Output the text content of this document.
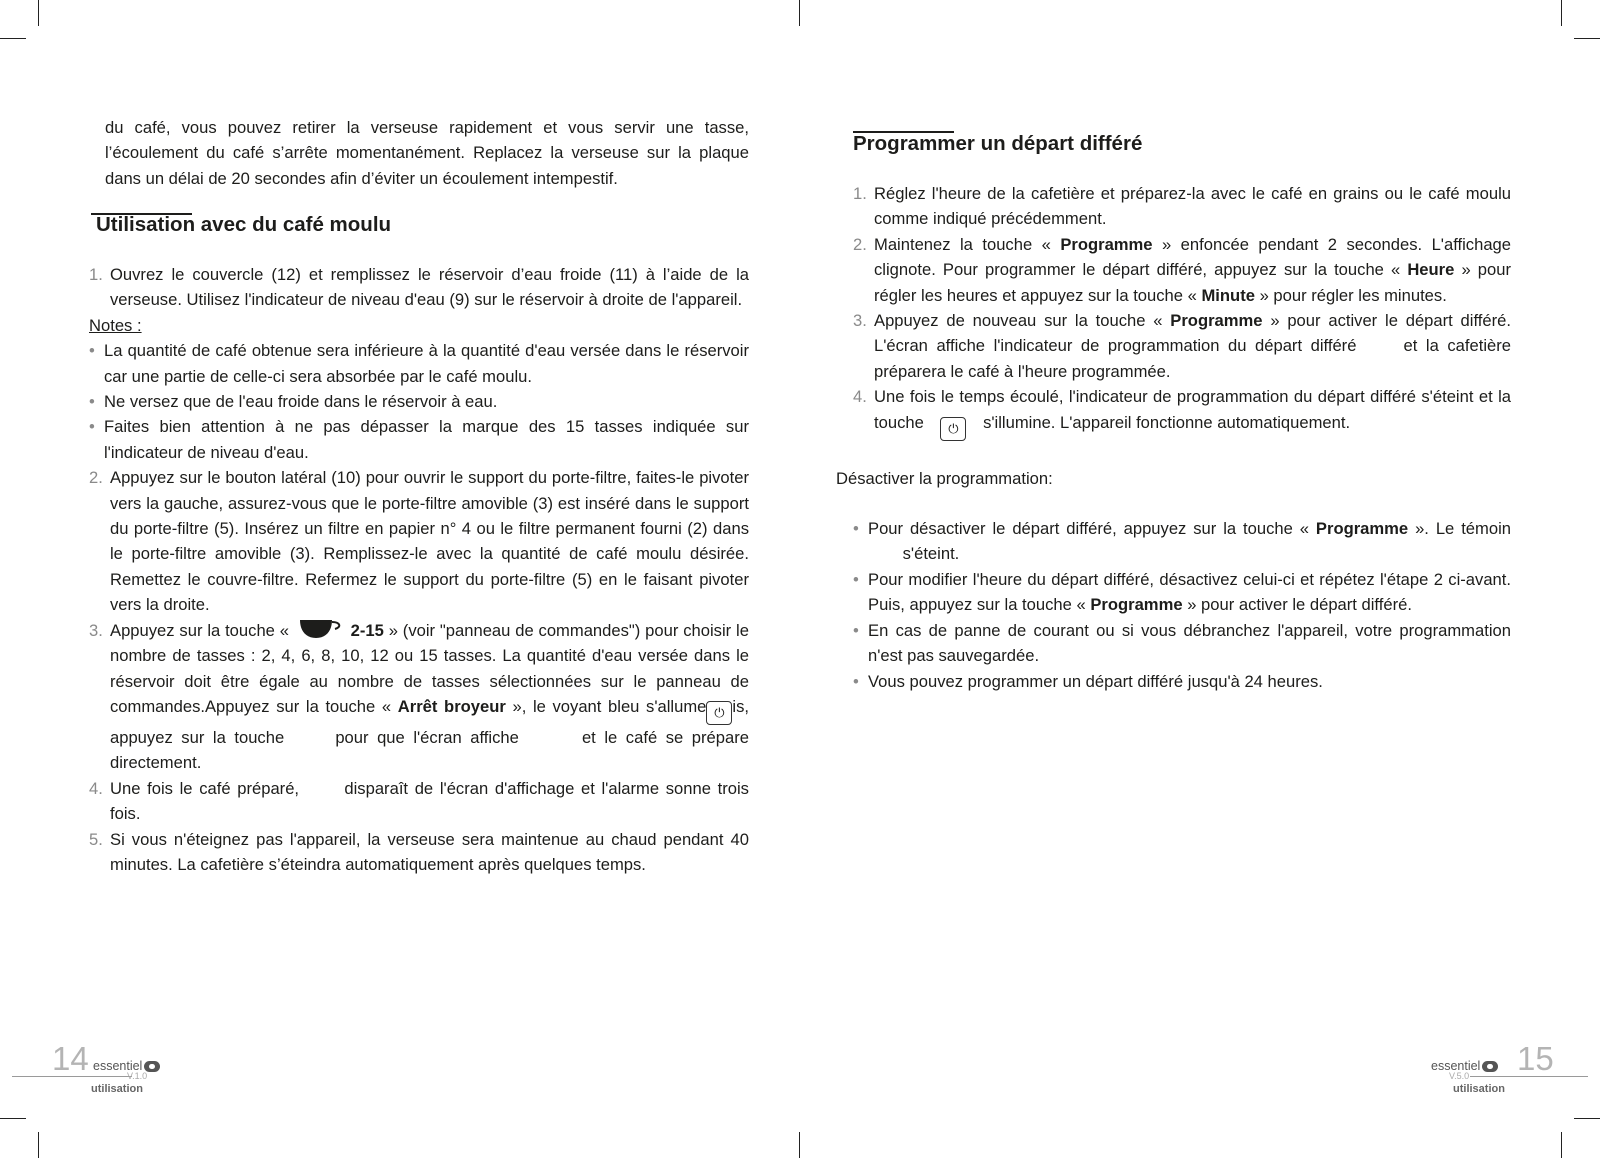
du café, vous pouvez retirer la verseuse rapidement et vous servir une tasse, l’écoulement du café s’arrête momentanément. Replacez la verseuse sur la plaque dans un délai de 20 secondes afin d’éviter un écoulement intempestif.

Utilisation avec du café moulu

1. Ouvrez le couvercle (12) et remplissez le réservoir d’eau froide (11) à l’aide de la verseuse. Utilisez l'indicateur de niveau d'eau (9) sur le réservoir à droite de l'appareil.

Notes :

• La quantité de café obtenue sera inférieure à la quantité d'eau versée dans le réservoir car une partie de celle-ci sera absorbée par le café moulu.

• Ne versez que de l'eau froide dans le réservoir à eau.

• Faites bien attention à ne pas dépasser la marque des 15 tasses indiquée sur l'indicateur de niveau d'eau.

2. Appuyez sur le bouton latéral (10) pour ouvrir le support du porte-filtre, faites-le pivoter vers la gauche, assurez-vous que le porte-filtre amovible (3) est inséré dans le support du porte-filtre (5). Insérez un filtre en papier n° 4 ou le filtre permanent fourni (2) dans le porte-filtre amovible (3). Remplissez-le avec la quantité de café moulu désirée. Remettez le couvre-filtre. Refermez le support du porte-filtre (5) en le faisant pivoter vers la droite.

3. Appuyez sur la touche «	2-15 » (voir "panneau de commandes") pour choisir le nombre de tasses : 2, 4, 6, 8, 10, 12 ou 15 tasses. La quantité d'eau versée dans le réservoir doit être égale au nombre de tasses sélectionnées sur le panneau de commandes.Appuyez sur la touche « Arrêt broyeur », le voyant bleu s'allume ⏻ is, appuyez sur la touche	pour que l'écran affiche	et le café se prépare directement.

4. Une fois le café préparé,	disparaît de l'écran d'affichage et l'alarme sonne trois fois.

5. Si vous n'éteignez pas l'appareil, la verseuse sera maintenue au chaud pendant 40 minutes. La cafetière s’éteindra automatiquement après quelques temps.

14 essentiel
V.1.0
utilisation
Programmer un départ différé

1. Réglez l'heure de la cafetière et préparez-la avec le café en grains ou le café moulu comme indiqué précédemment.

2. Maintenez la touche « Programme » enfoncée pendant 2 secondes. L'affichage clignote. Pour programmer le départ différé, appuyez sur la touche « Heure » pour régler les heures et appuyez sur la touche « Minute » pour régler les minutes.

3. Appuyez de nouveau sur la touche « Programme » pour activer le départ différé. L'écran affiche l'indicateur de programmation du départ différé	et la cafetière préparera le café à l'heure programmée.

4. Une fois le temps écoulé, l'indicateur de programmation du départ différé s'éteint et la touche ⏻ s'illumine. L'appareil fonctionne automatiquement.

Désactiver la programmation:

• Pour désactiver le départ différé, appuyez sur la touche « Programme ». Le témoin  s'éteint.

• Pour modifier l'heure du départ différé, désactivez celui-ci et répétez l'étape 2 ci-avant. Puis, appuyez sur la touche « Programme » pour activer le départ différé.

• En cas de panne de courant ou si vous débranchez l'appareil, votre programmation n'est pas sauvegardée.

• Vous pouvez programmer un départ différé jusqu'à 24 heures.

15
essentiel
V.5.0
utilisation
